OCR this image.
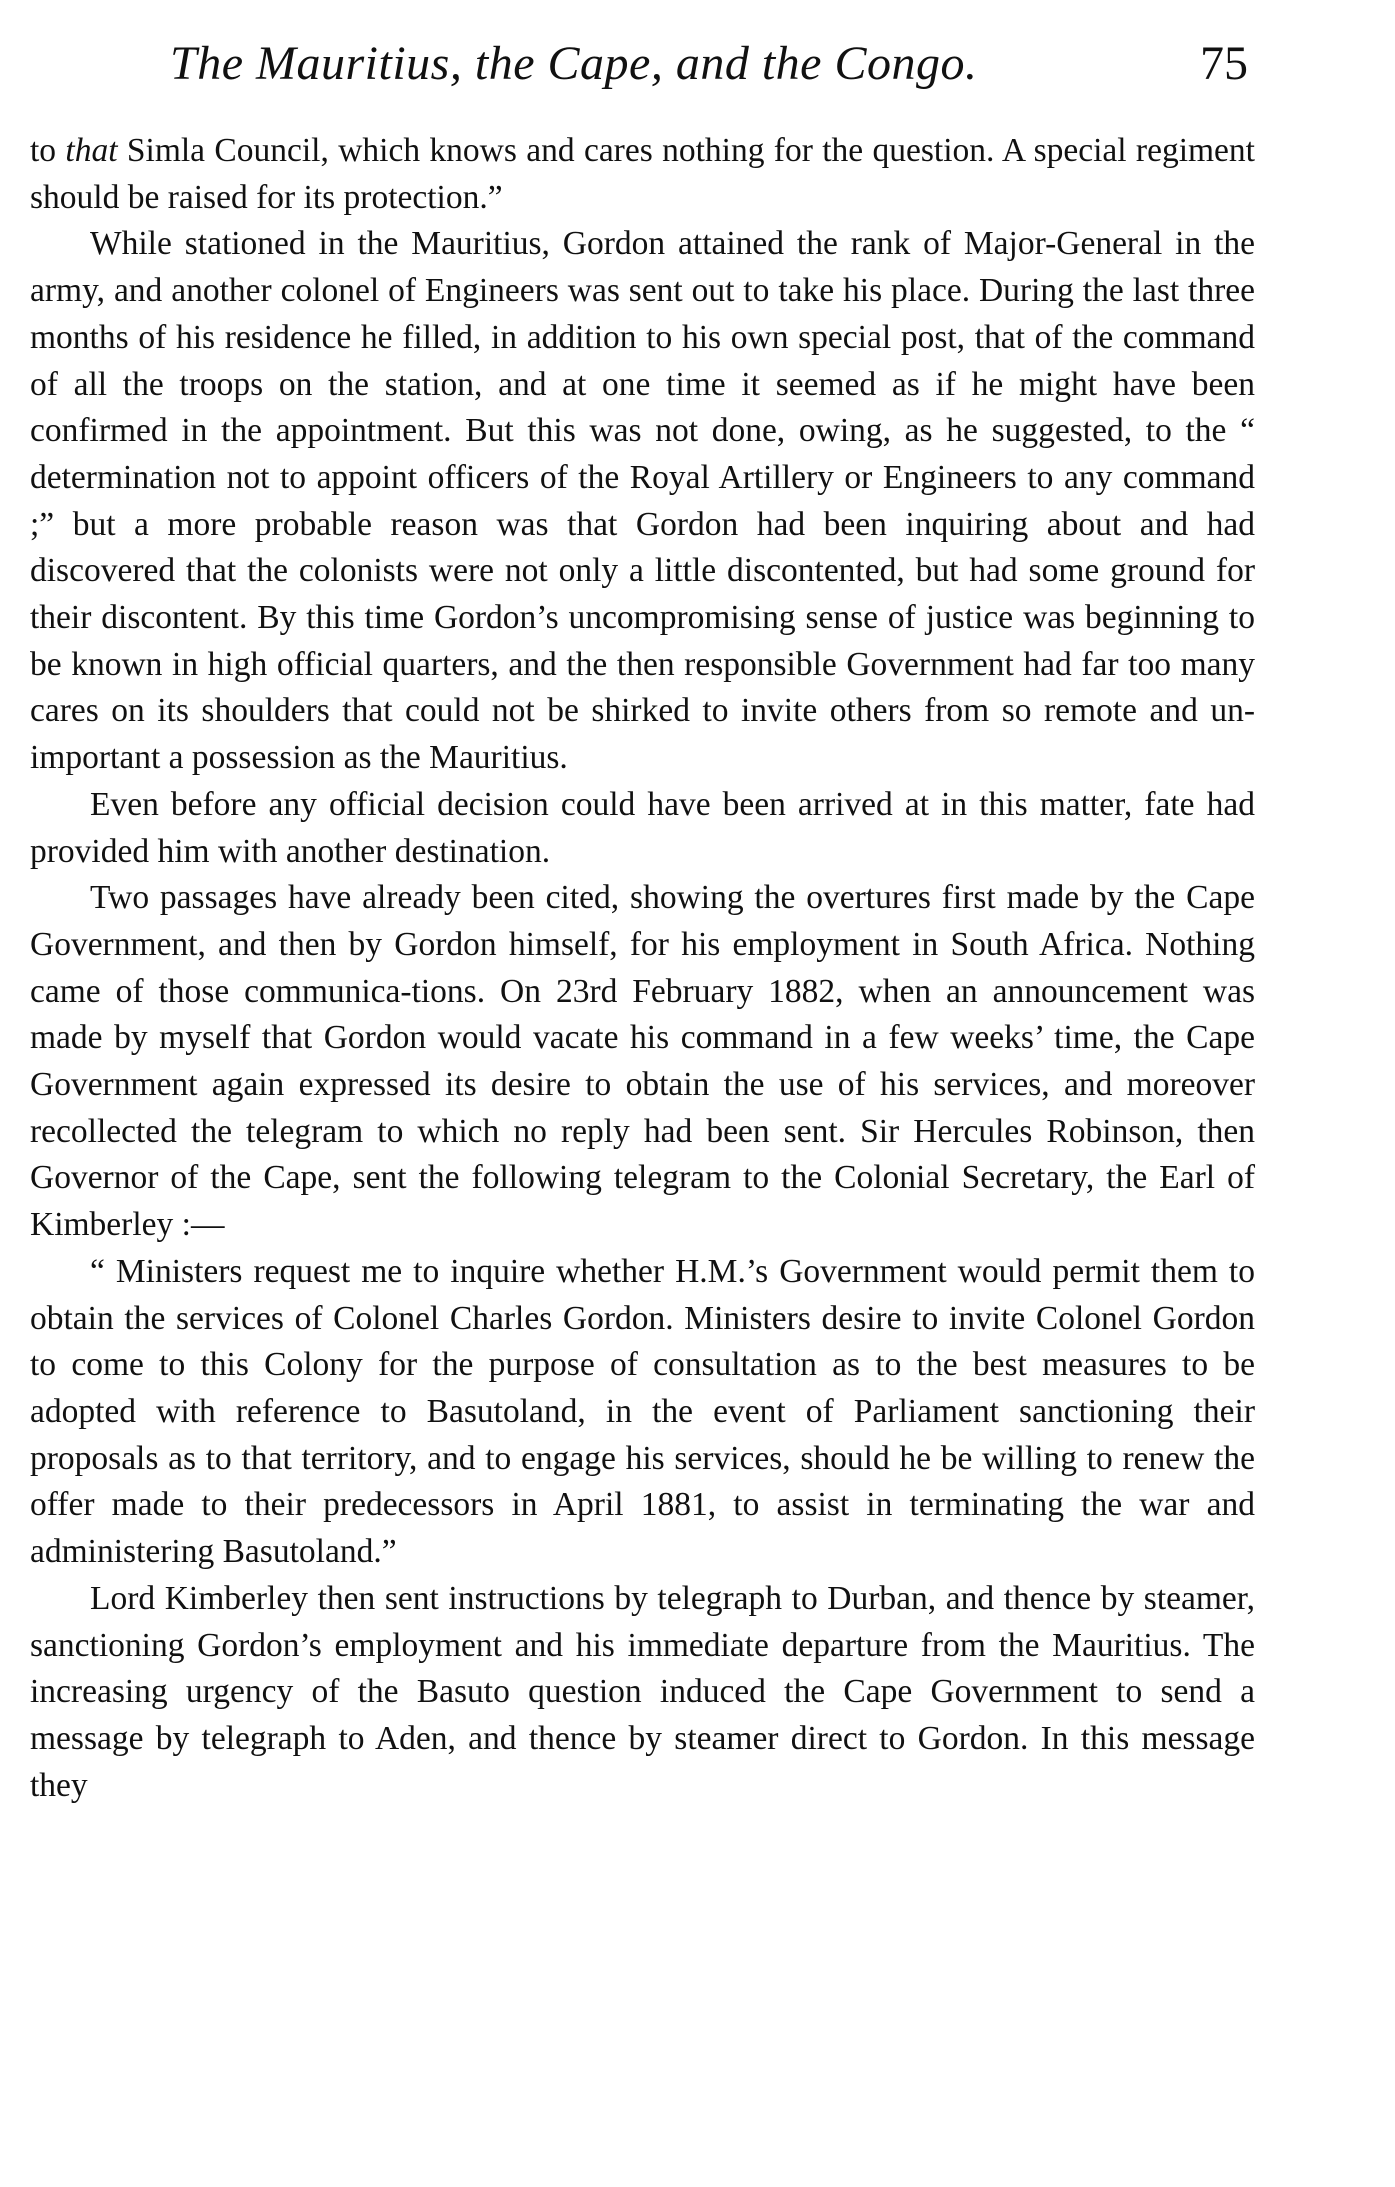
The Mauritius, the Cape, and the Congo.	75

to that Simla Council, which knows and cares nothing for the question. A special regiment should be raised for its protection.”

While stationed in the Mauritius, Gordon attained the rank of Major-General in the army, and another colonel of Engineers was sent out to take his place. During the last three months of his residence he filled, in addition to his own special post, that of the command of all the troops on the station, and at one time it seemed as if he might have been confirmed in the appointment. But this was not done, owing, as he suggested, to the “ determination not to appoint officers of the Royal Artillery or Engineers to any command ;” but a more probable reason was that Gordon had been inquiring about and had discovered that the colonists were not only a little discontented, but had some ground for their discontent. By this time Gordon’s uncompromising sense of justice was beginning to be known in high official quarters, and the then responsible Government had far too many cares on its shoulders that could not be shirked to invite others from so remote and un-important a possession as the Mauritius.

Even before any official decision could have been arrived at in this matter, fate had provided him with another destination.

Two passages have already been cited, showing the overtures first made by the Cape Government, and then by Gordon himself, for his employment in South Africa. Nothing came of those communica-tions. On 23rd February 1882, when an announcement was made by myself that Gordon would vacate his command in a few weeks’ time, the Cape Government again expressed its desire to obtain the use of his services, and moreover recollected the telegram to which no reply had been sent. Sir Hercules Robinson, then Governor of the Cape, sent the following telegram to the Colonial Secretary, the Earl of Kimberley :—

“ Ministers request me to inquire whether H.M.’s Government would permit them to obtain the services of Colonel Charles Gordon. Ministers desire to invite Colonel Gordon to come to this Colony for the purpose of consultation as to the best measures to be adopted with reference to Basutoland, in the event of Parliament sanctioning their proposals as to that territory, and to engage his services, should he be willing to renew the offer made to their predecessors in April 1881, to assist in terminating the war and administering Basutoland.”

Lord Kimberley then sent instructions by telegraph to Durban, and thence by steamer, sanctioning Gordon’s employment and his immediate departure from the Mauritius. The increasing urgency of the Basuto question induced the Cape Government to send a message by telegraph to Aden, and thence by steamer direct to Gordon. In this message they
